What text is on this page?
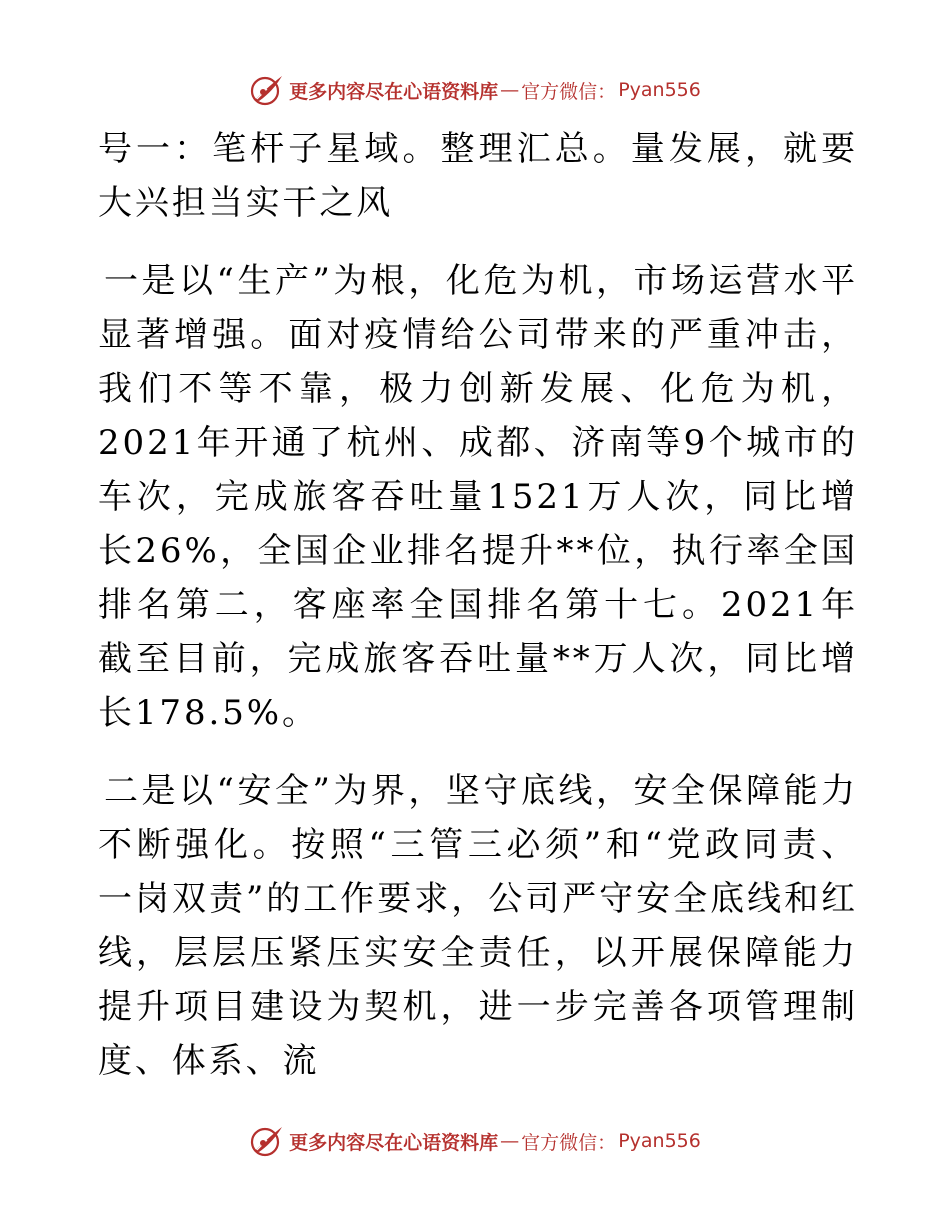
更多内容尽在心语资料库 — 官方微信 ： Pyan556

号一：笔杆子星域。整理汇总。量发展，就要大兴担当实干之风

一是以“生产”为根，化危为机，市场运营水平显著增强。面对疫情给公司带来的严重冲击，我们不等不靠，极力创新发展、化危为机，2021年开通了杭州、成都、济南等9个城市的车次，完成旅客吞吐量1521万人次，同比增长26%，全国企业排名提升**位，执行率全国排名第二，客座率全国排名第十七。2021年截至目前，完成旅客吞吐量**万人次，同比增长178.5%。

二是以“安全”为界，坚守底线，安全保障能力不断强化。按照“三管三必须”和“党政同责、一岗双责”的工作要求，公司严守安全底线和红线，层层压紧压实安全责任，以开展保障能力提升项目建设为契机，进一步完善各项管理制度、体系、流

更多内容尽在心语资料库 — 官方微信 ： Pyan556
